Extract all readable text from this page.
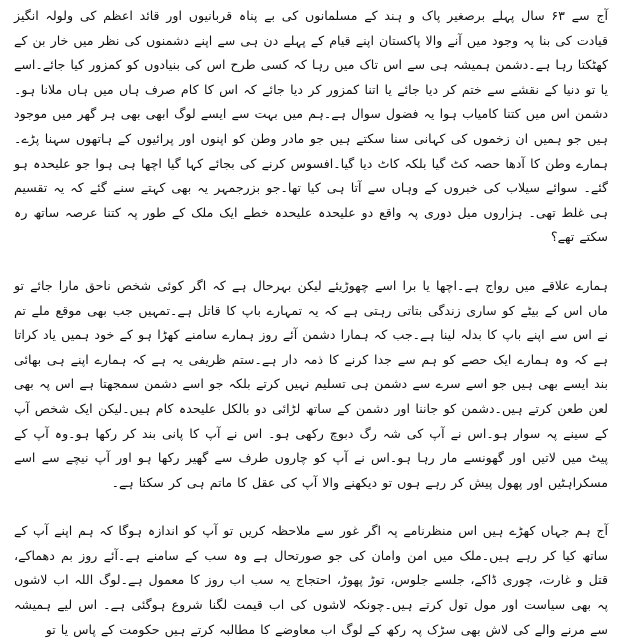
آج سے ۶۳ سال پہلے برصغیر پاک و ہند کے مسلمانوں کی بے پناہ قربانیوں اور قائد اعظم کی ولولہ انگیز قیادت کی بنا پہ وجود میں آنے والا پاکستان اپنے قیام کے پہلے دن ہی سے اپنے دشمنوں کی نظر میں خار بن کے کھٹکتا رہا ہے۔دشمن ہمیشہ ہی سے اس تاک میں رہا کہ کسی طرح اس کی بنیادوں کو کمزور کیا جائے۔اسے یا تو دنیا کے نقشے سے ختم کر دیا جائے یا اتنا کمزور کر دیا جائے کہ اس کا کام صرف ہاں میں ہاں ملانا ہو۔دشمن اس میں کتنا کامیاب ہوا یہ فضول سوال ہے۔ہم میں بہت سے ایسے لوگ ابھی بھی ہر گھر میں موجود ہیں جو ہمیں ان زخموں کی کہانی سنا سکتے ہیں جو مادر وطن کو اپنوں اور پرائیوں کے ہاتھوں سہنا پڑے۔ہمارے وطن کا آدھا حصہ کٹ گیا بلکہ کاٹ دیا گیا۔افسوس کرنے کی بجائے کہا گیا اچھا ہی ہوا جو علیحدہ ہو گئے۔ سوائے سیلاب کی خبروں کے وہاں سے آتا ہی کیا تھا۔جو بزرجمہر یہ بھی کہتے سنے گئے کہ یہ تقسیم ہی غلط تھی۔ ہزاروں میل دوری پہ واقع دو علیحدہ علیحدہ خطے ایک ملک کے طور پہ کتنا عرصہ ساتھ رہ سکتے تھے؟

ہمارے علاقے میں رواج ہے۔اچھا یا برا اسے چھوڑیئے لیکن بہرحال ہے کہ اگر کوئی شخص ناحق مارا جائے تو ماں اس کے بیٹے کو ساری زندگی بتاتی رہتی ہے کہ یہ تمہارے باپ کا قاتل ہے۔تمہیں جب بھی موقع ملے تم نے اس سے اپنے باپ کا بدلہ لینا ہے۔جب کہ ہمارا دشمن آئے روز ہمارے سامنے کھڑا ہو کے خود ہمیں یاد کراتا ہے کہ وہ ہمارے ایک حصے کو ہم سے جدا کرنے کا ذمہ دار ہے۔ستم ظریفی یہ ہے کہ ہمارے اپنے ہی بھائی بند ایسے بھی ہیں جو اسے سرے سے دشمن ہی تسلیم نہیں کرتے بلکہ جو اسے دشمن سمجھتا ہے اس پہ بھی لعن طعن کرتے ہیں۔دشمن کو جاننا اور دشمن کے ساتھ لڑائی دو بالکل علیحدہ کام ہیں۔لیکن ایک شخص آپ کے سینے پہ سوار ہو۔اس نے آپ کی شہ رگ دبوچ رکھی ہو۔ اس نے آپ کا پانی بند کر رکھا ہو۔وہ آپ کے پیٹ میں لاتیں اور گھونسے مار رہا ہو۔اس نے آپ کو چاروں طرف سے گھیر رکھا ہو اور آپ نیچے سے اسے مسکراہٹیں اور پھول پیش کر رہے ہوں تو دیکھنے والا آپ کی عقل کا ماتم ہی کر سکتا ہے۔

آج ہم جہاں کھڑے ہیں اس منظرنامے پہ اگر غور سے ملاحظہ کریں تو آپ کو اندازہ ہوگا کہ ہم اپنے آپ کے ساتھ کیا کر رہے ہیں۔ملک میں امن وامان کی جو صورتحال ہے وہ سب کے سامنے ہے۔آئے روز بم دھماکے، قتل و غارت، چوری ڈاکے، جلسے جلوس، توڑ پھوڑ، احتجاج یہ سب اب روز کا معمول ہے۔لوگ اللہ اب لاشوں پہ بھی سیاست اور مول تول کرتے ہیں۔چونکہ لاشوں کی اب قیمت لگنا شروع ہوگئی ہے۔ اس لیے ہمیشہ سے مرنے والے کی لاش بھی سڑک پہ رکھ کے لوگ اب معاوضے کا مطالبہ کرتے ہیں حکومت کے پاس یا تو
